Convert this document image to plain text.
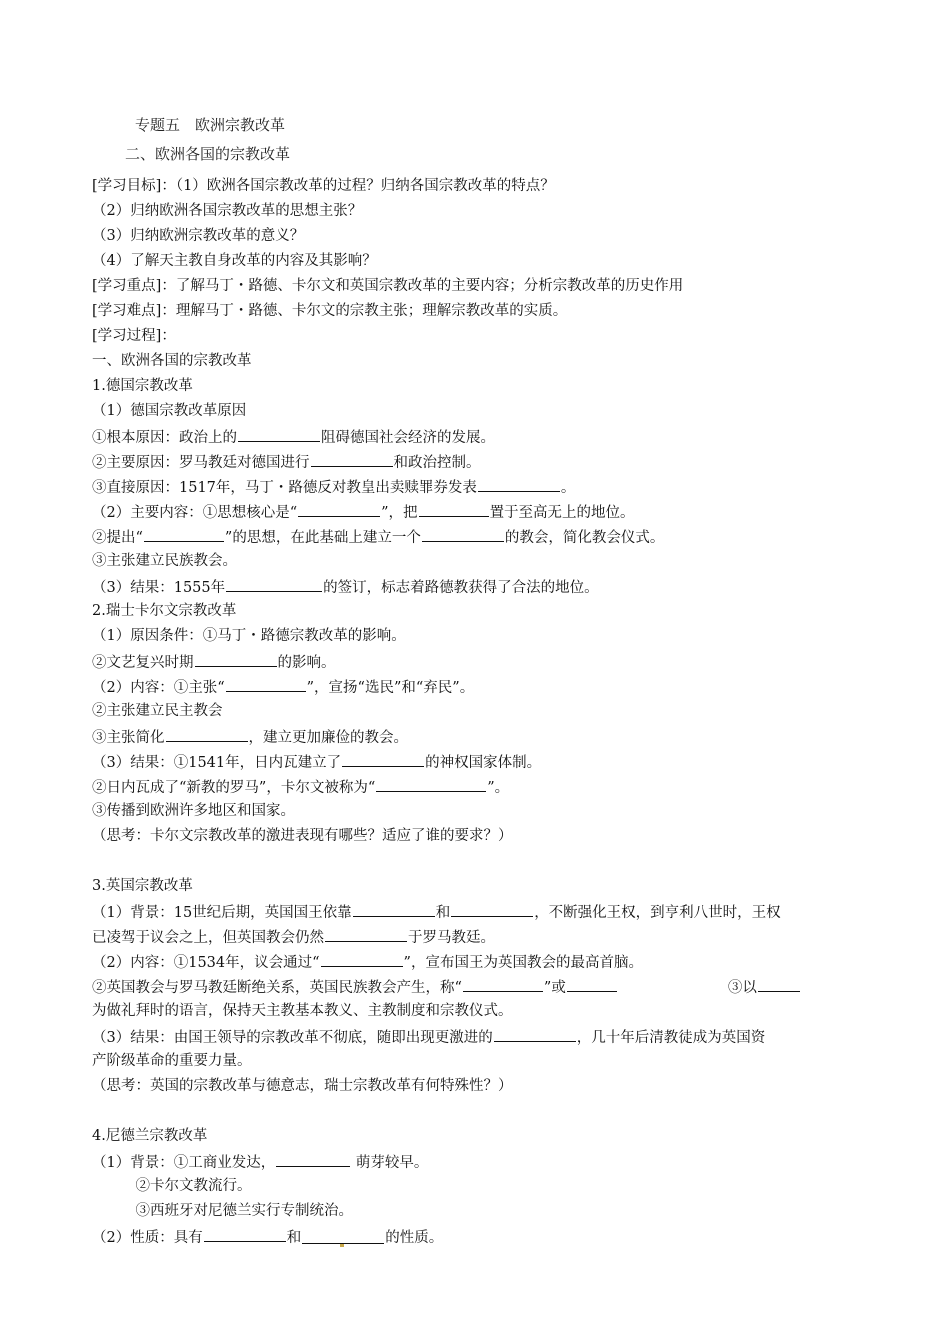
专题五　欧洲宗教改革
二、欧洲各国的宗教改革
[学习目标]：（1）欧洲各国宗教改革的过程？归纳各国宗教改革的特点？
（2）归纳欧洲各国宗教改革的思想主张？
（3）归纳欧洲宗教改革的意义？
（4）了解天主教自身改革的内容及其影响？
[学习重点]：了解马丁・路德、卡尔文和英国宗教改革的主要内容；分析宗教改革的历史作用
[学习难点]：理解马丁・路德、卡尔文的宗教主张；理解宗教改革的实质。
[学习过程]：
一、欧洲各国的宗教改革
1.德国宗教改革
（1）德国宗教改革原因
①根本原因：政治上的	阻碍德国社会经济的发展。
②主要原因：罗马教廷对德国进行	和政治控制。
③直接原因：1517年，马丁・路德反对教皇出卖赎罪券发表	。
（2）主要内容：①思想核心是“	”，把	置于至高无上的地位。
②提出“	”的思想，在此基础上建立一个	的教会，简化教会仪式。
③主张建立民族教会。
（3）结果：1555年	的签订，标志着路德教获得了合法的地位。
2.瑞士卡尔文宗教改革
（1）原因条件：①马丁・路德宗教改革的影响。
②文艺复兴时期	的影响。
（2）内容：①主张“	”，宣扬“选民”和“弃民”。
②主张建立民主教会
③主张简化	，建立更加廉俭的教会。
（3）结果：①1541年，日内瓦建立了	的神权国家体制。
②日内瓦成了“新教的罗马”，卡尔文被称为“	”。
③传播到欧洲许多地区和国家。
（思考：卡尔文宗教改革的激进表现有哪些？适应了谁的要求？）
3.英国宗教改革
（1）背景：15世纪后期，英国国王依靠	和	，不断强化王权，到亨利八世时，王权
已凌驾于议会之上，但英国教会仍然	于罗马教廷。
（2）内容：①1534年，议会通过“	”，宣布国王为英国教会的最高首脑。
②英国教会与罗马教廷断绝关系，英国民族教会产生，称“	”或	③以
为做礼拜时的语言，保持天主教基本教义、主教制度和宗教仪式。
（3）结果：由国王领导的宗教改革不彻底，随即出现更激进的	，几十年后清教徒成为英国资
产阶级革命的重要力量。
（思考：英国的宗教改革与德意志，瑞士宗教改革有何特殊性？）
4.尼德兰宗教改革
（1）背景：①工商业发达，	萌芽较早。
　　　②卡尔文教流行。
　　　③西班牙对尼德兰实行专制统治。
（2）性质：具有	和	的性质。
